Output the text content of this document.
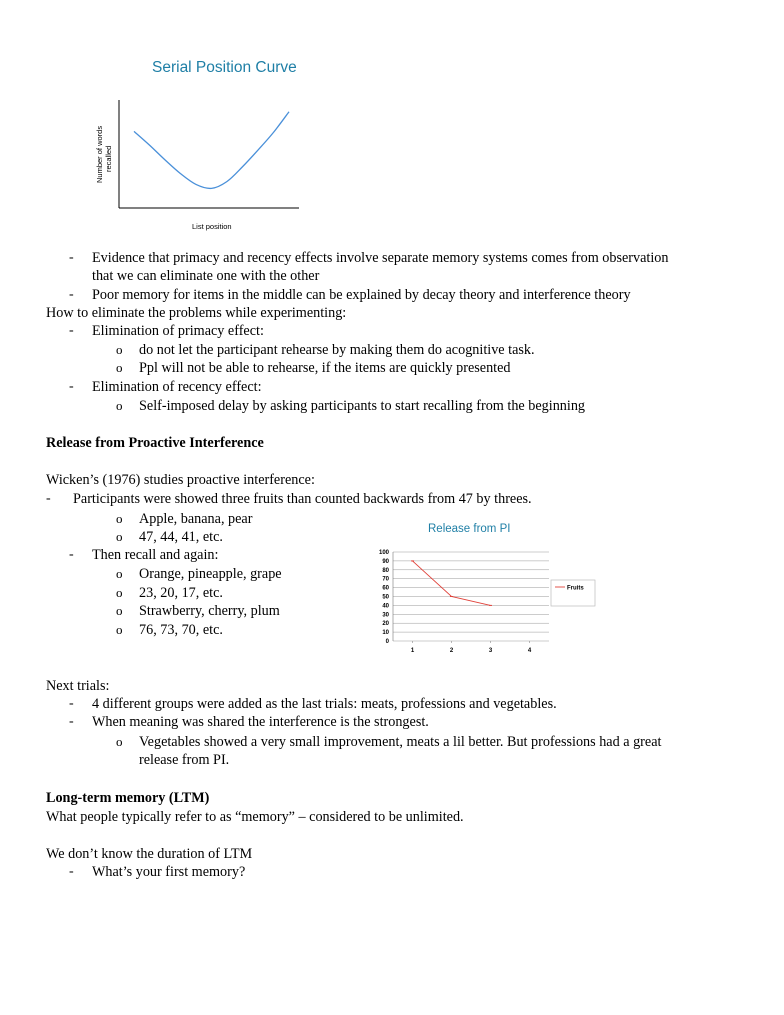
Serial Position Curve
Number of words recalled
List position
- Evidence that primacy and recency effects involve separate memory systems comes from observation
that we can eliminate one with the other
- Poor memory for items in the middle can be explained by decay theory and interference theory
How to eliminate the problems while experimenting:
- Elimination of primacy effect:
o do not let the participant rehearse by making them do acognitive task.
o Ppl will not be able to rehearse, if the items are quickly presented
- Elimination of recency effect:
o Self-imposed delay by asking participants to start recalling from the beginning
Release from Proactive Interference
Wicken’s (1976) studies proactive interference:
- Participants were showed three fruits than counted backwards from 47 by threes.
o Apple, banana, pear
o 47, 44, 41, etc.
- Then recall and again:
o Orange, pineapple, grape
o 23, 20, 17, etc.
o Strawberry, cherry, plum
o 76, 73, 70, etc.
Release from PI
0
10
20
30
40
50
60
70
80
90
100
1	2	3	4
Fruits
Next trials:
- 4 different groups were added as the last trials: meats, professions and vegetables.
- When meaning was shared the interference is the strongest.
o Vegetables showed a very small improvement, meats a lil better. But professions had a great
release from PI.
Long-term memory (LTM)
What people typically refer to as “memory” – considered to be unlimited.
We don’t know the duration of LTM
- What’s your first memory?
